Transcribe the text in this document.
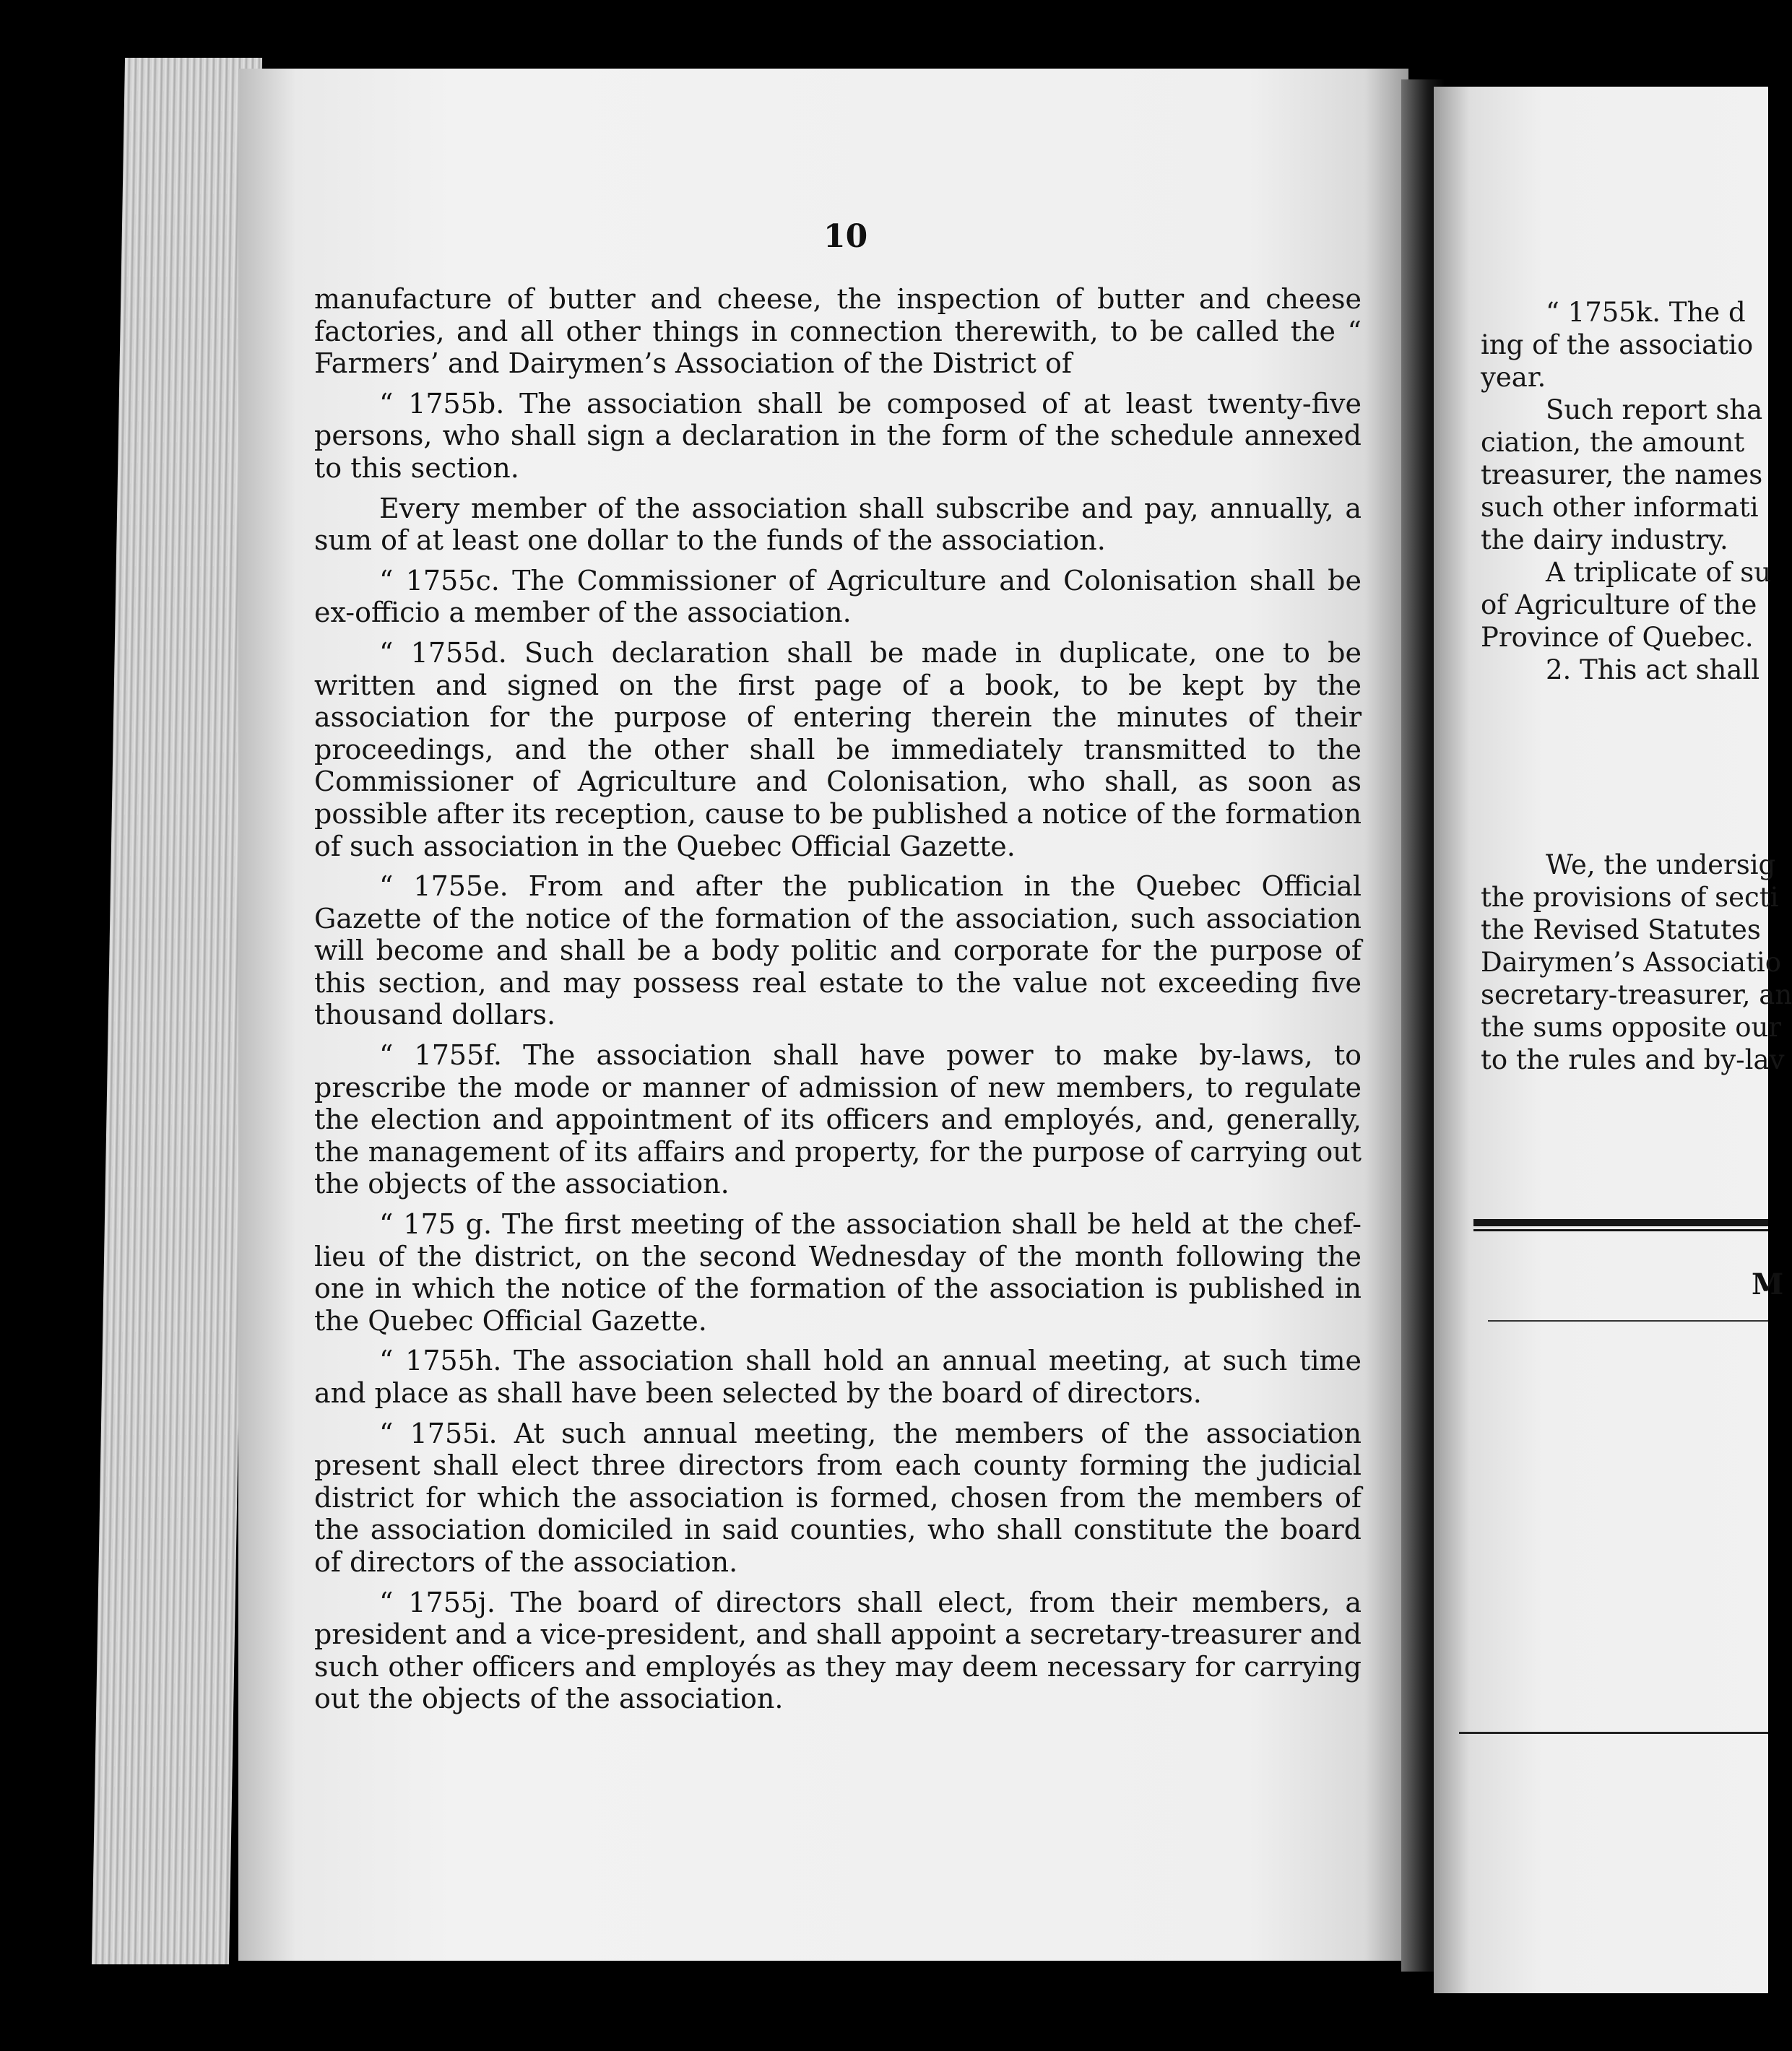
10

manufacture of butter and cheese, the inspection of butter and cheese factories, and all other things in connection therewith, to be called the “ Farmers’ and Dairymen’s Association of the District of

“ 1755b. The association shall be composed of at least twenty-five persons, who shall sign a declaration in the form of the schedule annexed to this section.

Every member of the association shall subscribe and pay, annually, a sum of at least one dollar to the funds of the association.

“ 1755c. The Commissioner of Agriculture and Colonisation shall be ex-officio a member of the association.

“ 1755d. Such declaration shall be made in duplicate, one to be written and signed on the first page of a book, to be kept by the association for the purpose of entering therein the minutes of their proceedings, and the other shall be immediately transmitted to the Commissioner of Agriculture and Colonisation, who shall, as soon as possible after its reception, cause to be published a notice of the formation of such association in the Quebec Official Gazette.

“ 1755e. From and after the publication in the Quebec Official Gazette of the notice of the formation of the association, such association will become and shall be a body politic and corporate for the purpose of this section, and may possess real estate to the value not exceeding five thousand dollars.

“ 1755f. The association shall have power to make by-laws, to prescribe the mode or manner of admission of new members, to regulate the election and appointment of its officers and employés, and, generally, the management of its affairs and property, for the purpose of carrying out the objects of the association.

“ 175 g. The first meeting of the association shall be held at the chef-lieu of the district, on the second Wednesday of the month following the one in which the notice of the formation of the association is published in the Quebec Official Gazette.

“ 1755h. The association shall hold an annual meeting, at such time and place as shall have been selected by the board of directors.

“ 1755i. At such annual meeting, the members of the association present shall elect three directors from each county forming the judicial district for which the association is formed, chosen from the members of the association domiciled in said counties, who shall constitute the board of directors of the association.

“ 1755j. The board of directors shall elect, from their members, a president and a vice-president, and shall appoint a secretary-treasurer and such other officers and employés as they may deem necessary for carrying out the objects of the association.

“ 1755k. The d
ing of the associatio
year.
Such report sha
ciation, the amount
treasurer, the names
such other informati
the dairy industry.
A triplicate of su
of Agriculture of the
Province of Quebec.
2. This act shall
We, the undersig
the provisions of secti
the Revised Statutes
Dairymen’s Associatio
secretary-treasurer, an
the sums opposite our
to the rules and by-lav
M
